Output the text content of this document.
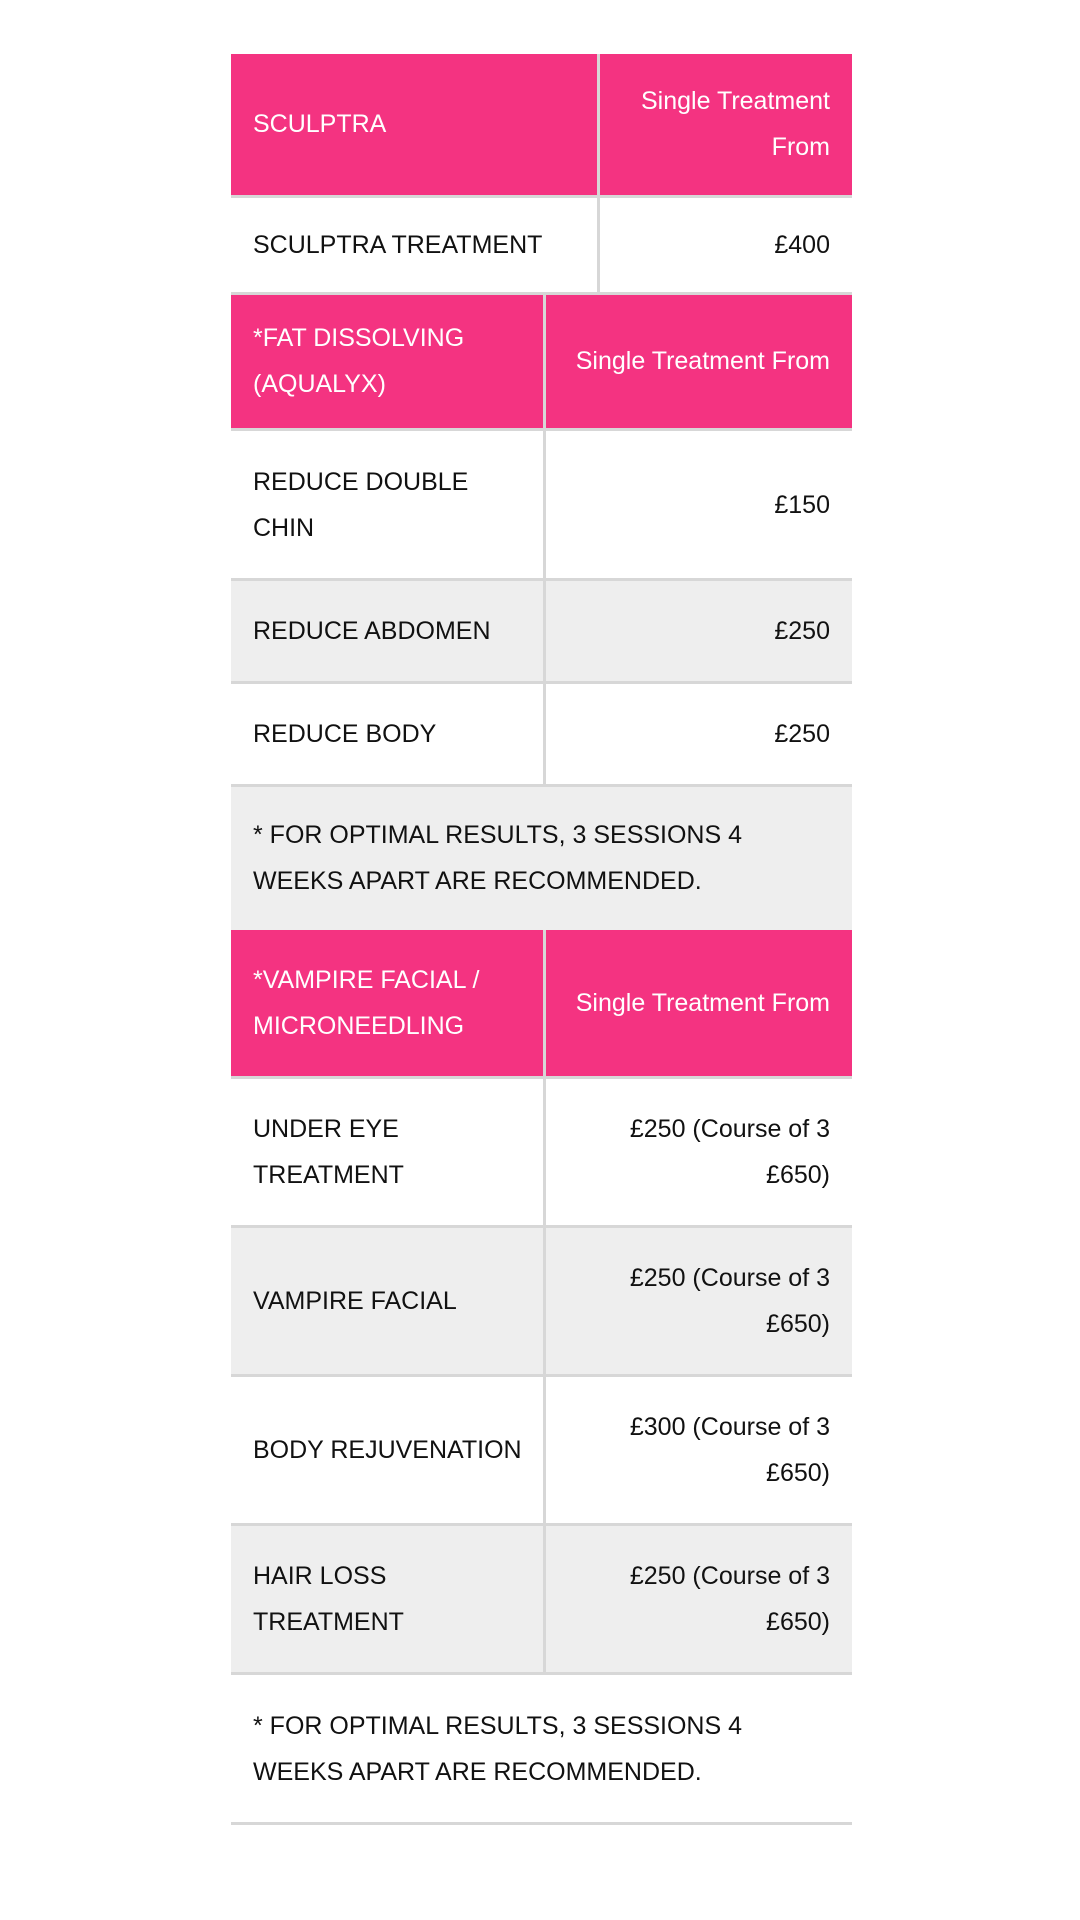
SCULPTRA	Single Treatment From
SCULPTRA TREATMENT	£400
*FAT DISSOLVING (AQUALYX)	Single Treatment From
REDUCE DOUBLE CHIN	£150
REDUCE ABDOMEN	£250
REDUCE BODY	£250
* FOR OPTIMAL RESULTS, 3 SESSIONS 4 WEEKS APART ARE RECOMMENDED.	
*VAMPIRE FACIAL / MICRONEEDLING	Single Treatment From
UNDER EYE TREATMENT	£250 (Course of 3 £650)
VAMPIRE FACIAL	£250 (Course of 3 £650)
BODY REJUVENATION	£300 (Course of 3 £650)
HAIR LOSS TREATMENT	£250 (Course of 3 £650)
* FOR OPTIMAL RESULTS, 3 SESSIONS 4 WEEKS APART ARE RECOMMENDED.	
